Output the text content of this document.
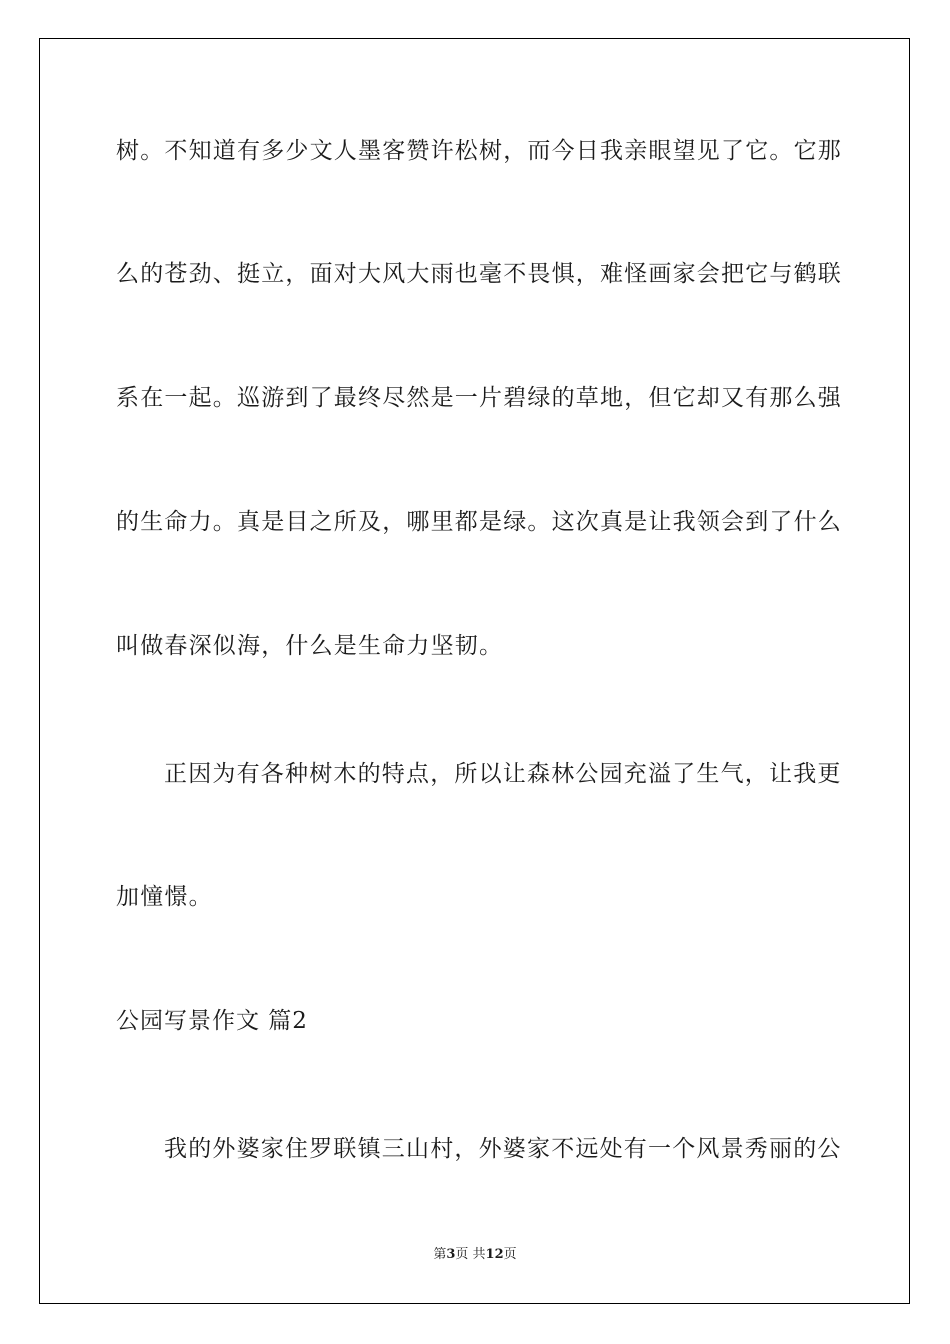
树。不知道有多少文人墨客赞许松树，而今日我亲眼望见了它。它那
么的苍劲、挺立，面对大风大雨也毫不畏惧，难怪画家会把它与鹤联
系在一起。巡游到了最终尽然是一片碧绿的草地，但它却又有那么强
的生命力。真是目之所及，哪里都是绿。这次真是让我领会到了什么
叫做春深似海，什么是生命力坚韧。
正因为有各种树木的特点，所以让森林公园充溢了生气，让我更
加憧憬。
公园写景作文 篇2
我的外婆家住罗联镇三山村，外婆家不远处有一个风景秀丽的公
第3页 共12页
